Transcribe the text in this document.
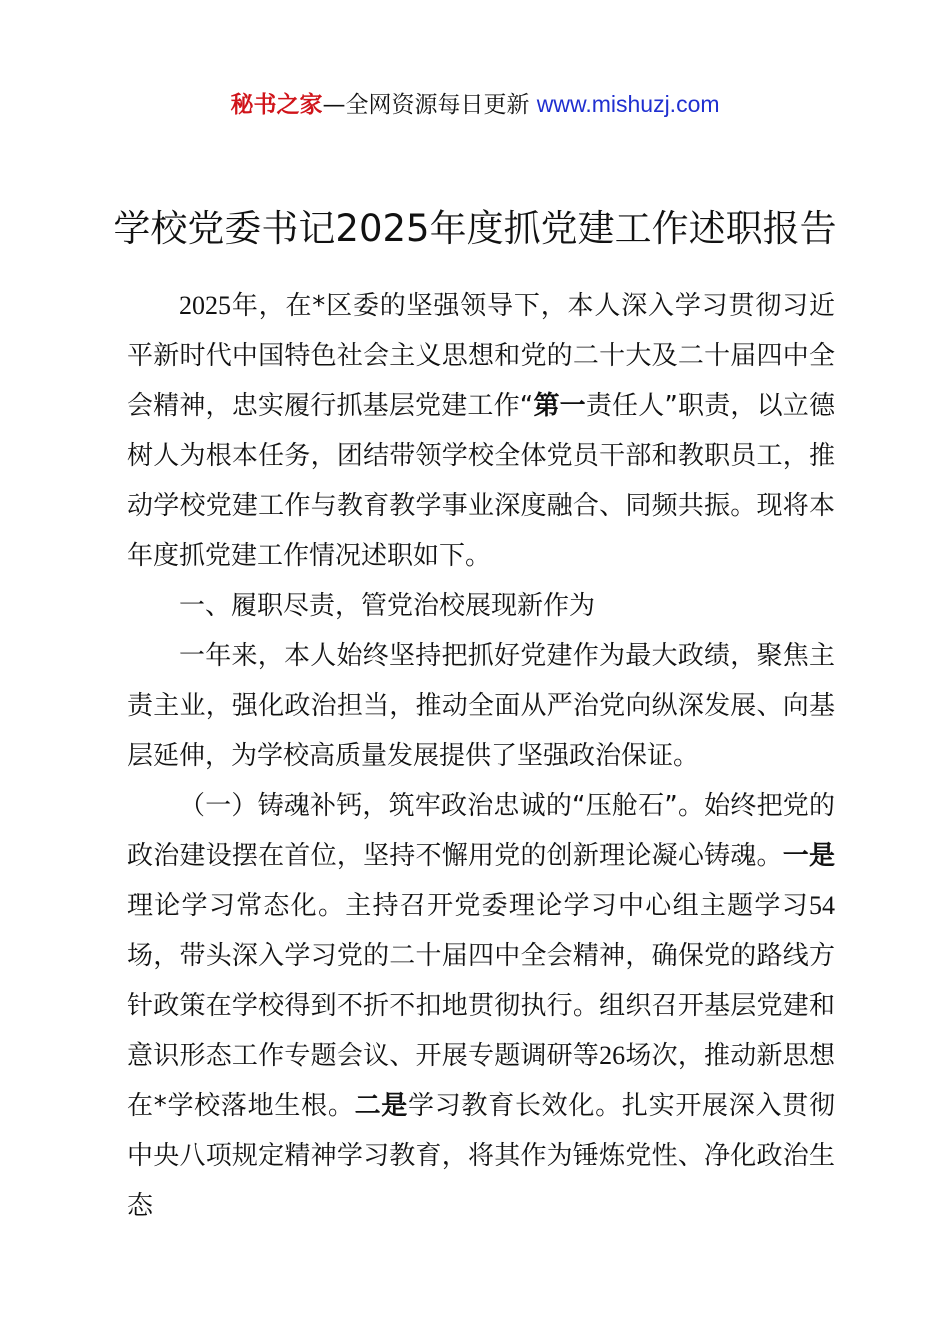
秘书之家—全网资源每日更新 www.mishuzj.com
学校党委书记2025年度抓党建工作述职报告

2025年，在*区委的坚强领导下，本人深入学习贯彻习近平新时代中国特色社会主义思想和党的二十大及二十届四中全会精神，忠实履行抓基层党建工作“第一责任人”职责，以立德树人为根本任务，团结带领学校全体党员干部和教职员工，推动学校党建工作与教育教学事业深度融合、同频共振。现将本年度抓党建工作情况述职如下。

一、履职尽责，管党治校展现新作为

一年来，本人始终坚持把抓好党建作为最大政绩，聚焦主责主业，强化政治担当，推动全面从严治党向纵深发展、向基层延伸，为学校高质量发展提供了坚强政治保证。

（一）铸魂补钙，筑牢政治忠诚的“压舱石”。始终把党的政治建设摆在首位，坚持不懈用党的创新理论凝心铸魂。一是理论学习常态化。主持召开党委理论学习中心组主题学习54场，带头深入学习党的二十届四中全会精神，确保党的路线方针政策在学校得到不折不扣地贯彻执行。组织召开基层党建和意识形态工作专题会议、开展专题调研等26场次，推动新思想在*学校落地生根。二是学习教育长效化。扎实开展深入贯彻中央八项规定精神学习教育，将其作为锤炼党性、净化政治生态
